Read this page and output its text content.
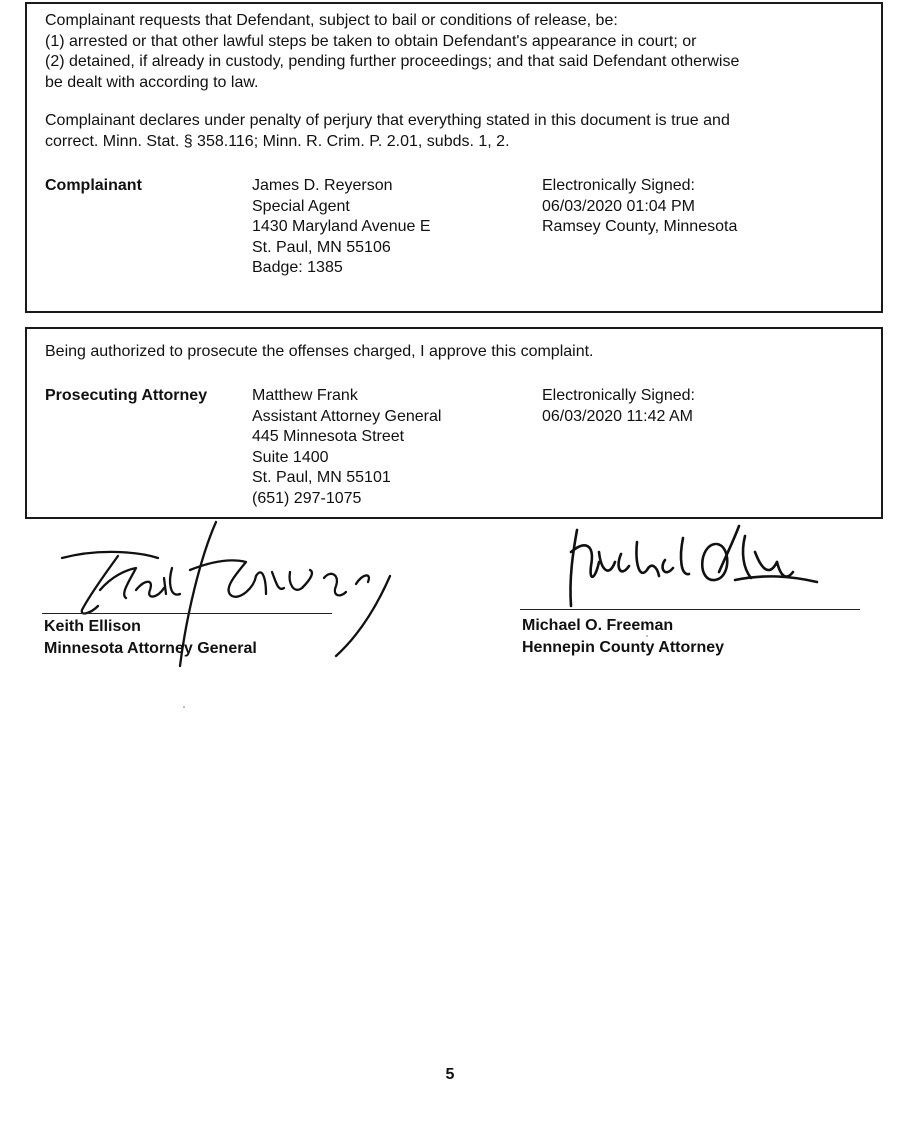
Complainant requests that Defendant, subject to bail or conditions of release, be:
(1) arrested or that other lawful steps be taken to obtain Defendant's appearance in court; or
(2) detained, if already in custody, pending further proceedings; and that said Defendant otherwise
be dealt with according to law.
Complainant declares under penalty of perjury that everything stated in this document is true and
correct. Minn. Stat. § 358.116; Minn. R. Crim. P. 2.01, subds. 1, 2.
Complainant	James D. Reyerson
Special Agent
1430 Maryland Avenue E
St. Paul, MN 55106
Badge: 1385
Electronically Signed:
06/03/2020 01:04 PM
Ramsey County, Minnesota
Being authorized to prosecute the offenses charged, I approve this complaint.
Prosecuting Attorney	Matthew Frank
Assistant Attorney General
445 Minnesota Street
Suite 1400
St. Paul, MN 55101
(651) 297-1075
Electronically Signed:
06/03/2020 11:42 AM
Keith Ellison
Minnesota Attorney General
Michael O. Freeman
Hennepin County Attorney
5
